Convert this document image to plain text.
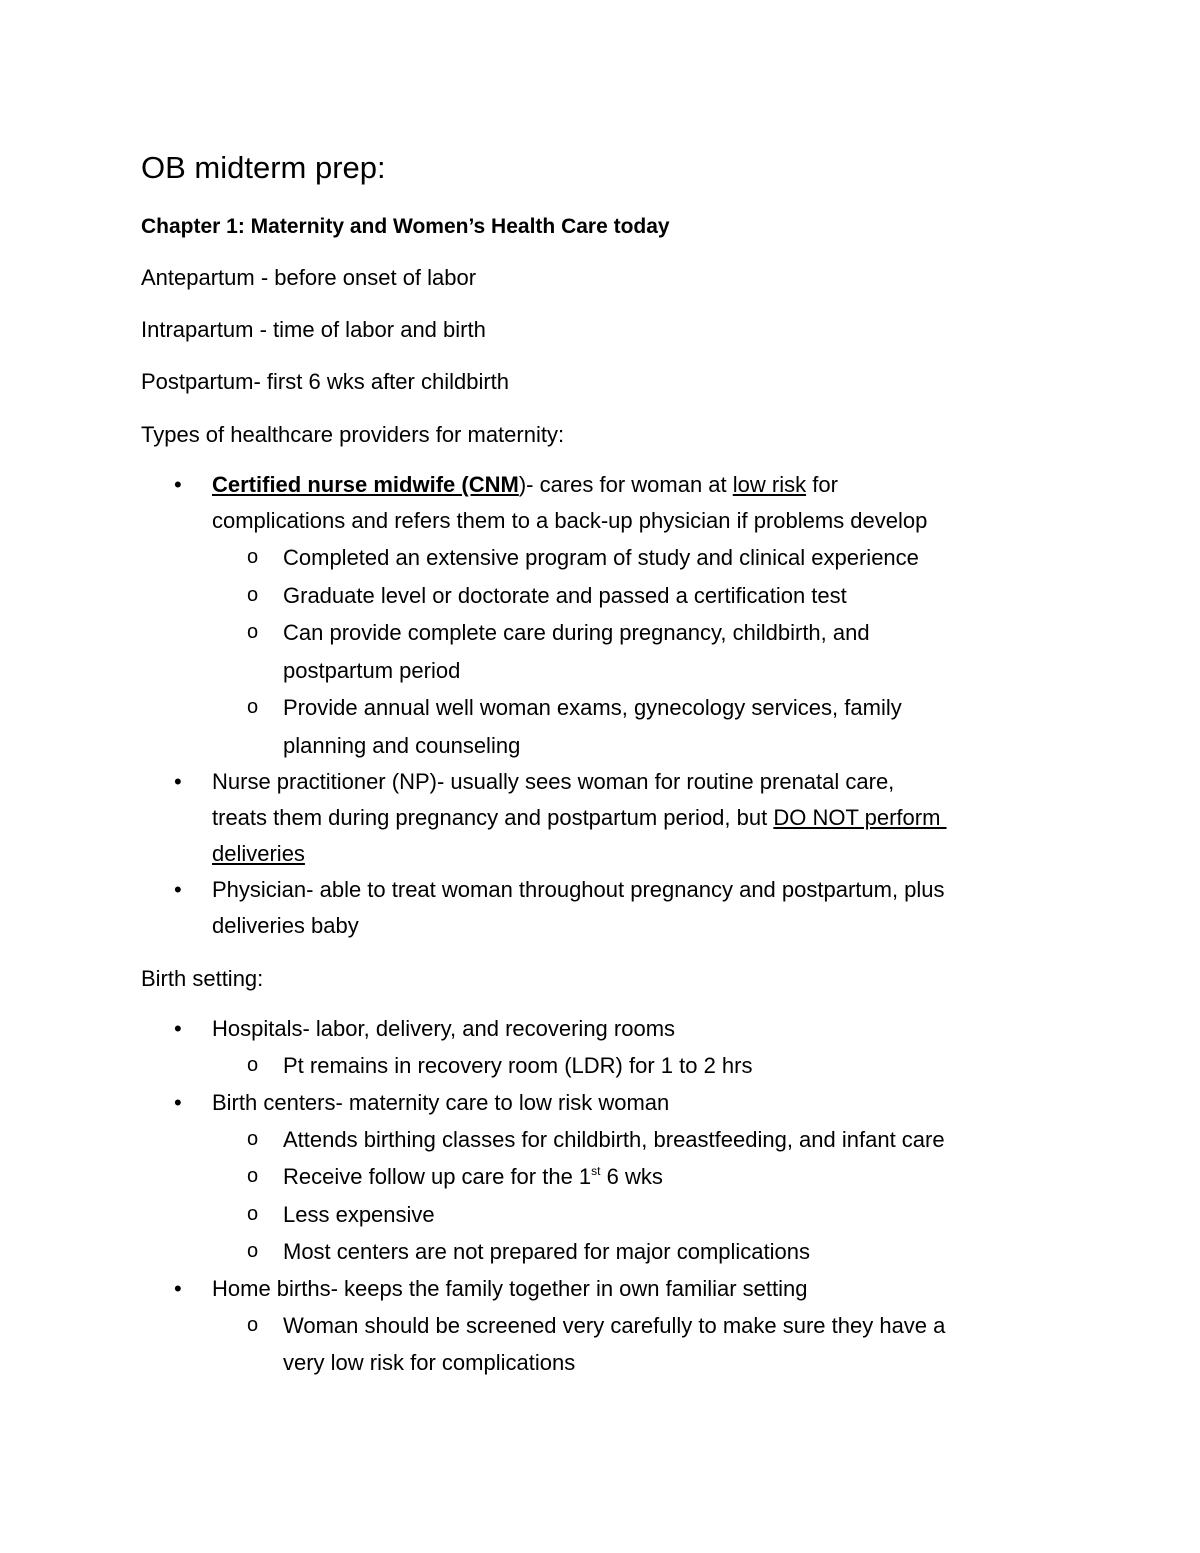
OB midterm prep:
Chapter 1: Maternity and Women’s Health Care today

Antepartum - before onset of labor

Intrapartum - time of labor and birth

Postpartum- first 6 wks after childbirth

Types of healthcare providers for maternity:

• Certified nurse midwife (CNM)- cares for woman at low risk for
complications and refers them to a back-up physician if problems develop
o Completed an extensive program of study and clinical experience
o Graduate level or doctorate and passed a certification test
o Can provide complete care during pregnancy, childbirth, and
postpartum period
o Provide annual well woman exams, gynecology services, family
planning and counseling
• Nurse practitioner (NP)- usually sees woman for routine prenatal care,
treats them during pregnancy and postpartum period, but DO NOT perform
deliveries
• Physician- able to treat woman throughout pregnancy and postpartum, plus
deliveries baby

Birth setting:

• Hospitals- labor, delivery, and recovering rooms
o Pt remains in recovery room (LDR) for 1 to 2 hrs
• Birth centers- maternity care to low risk woman
o Attends birthing classes for childbirth, breastfeeding, and infant care
o Receive follow up care for the 1st 6 wks
o Less expensive
o Most centers are not prepared for major complications
• Home births- keeps the family together in own familiar setting
o Woman should be screened very carefully to make sure they have a
very low risk for complications
